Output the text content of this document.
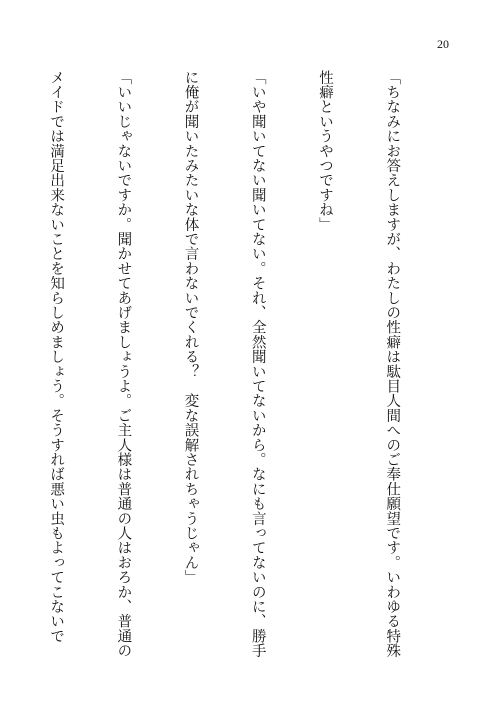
20

「ちなみにお答えしますが、わたしの性癖は駄目人間へのご奉仕願望です。いわゆる特殊

性癖というやつですね」

「いや聞いてない聞いてない。それ、全然聞いてないから。なにも言ってないのに、勝手

に俺が聞いたみたいな体で言わないでくれる？　変な誤解されちゃうじゃん」

「いいじゃないですか。聞かせてあげましょうよ。ご主人様は普通の人はおろか、普通の

メイドでは満足出来ないことを知らしめましょう。そうすれば悪い虫もよってこないで
